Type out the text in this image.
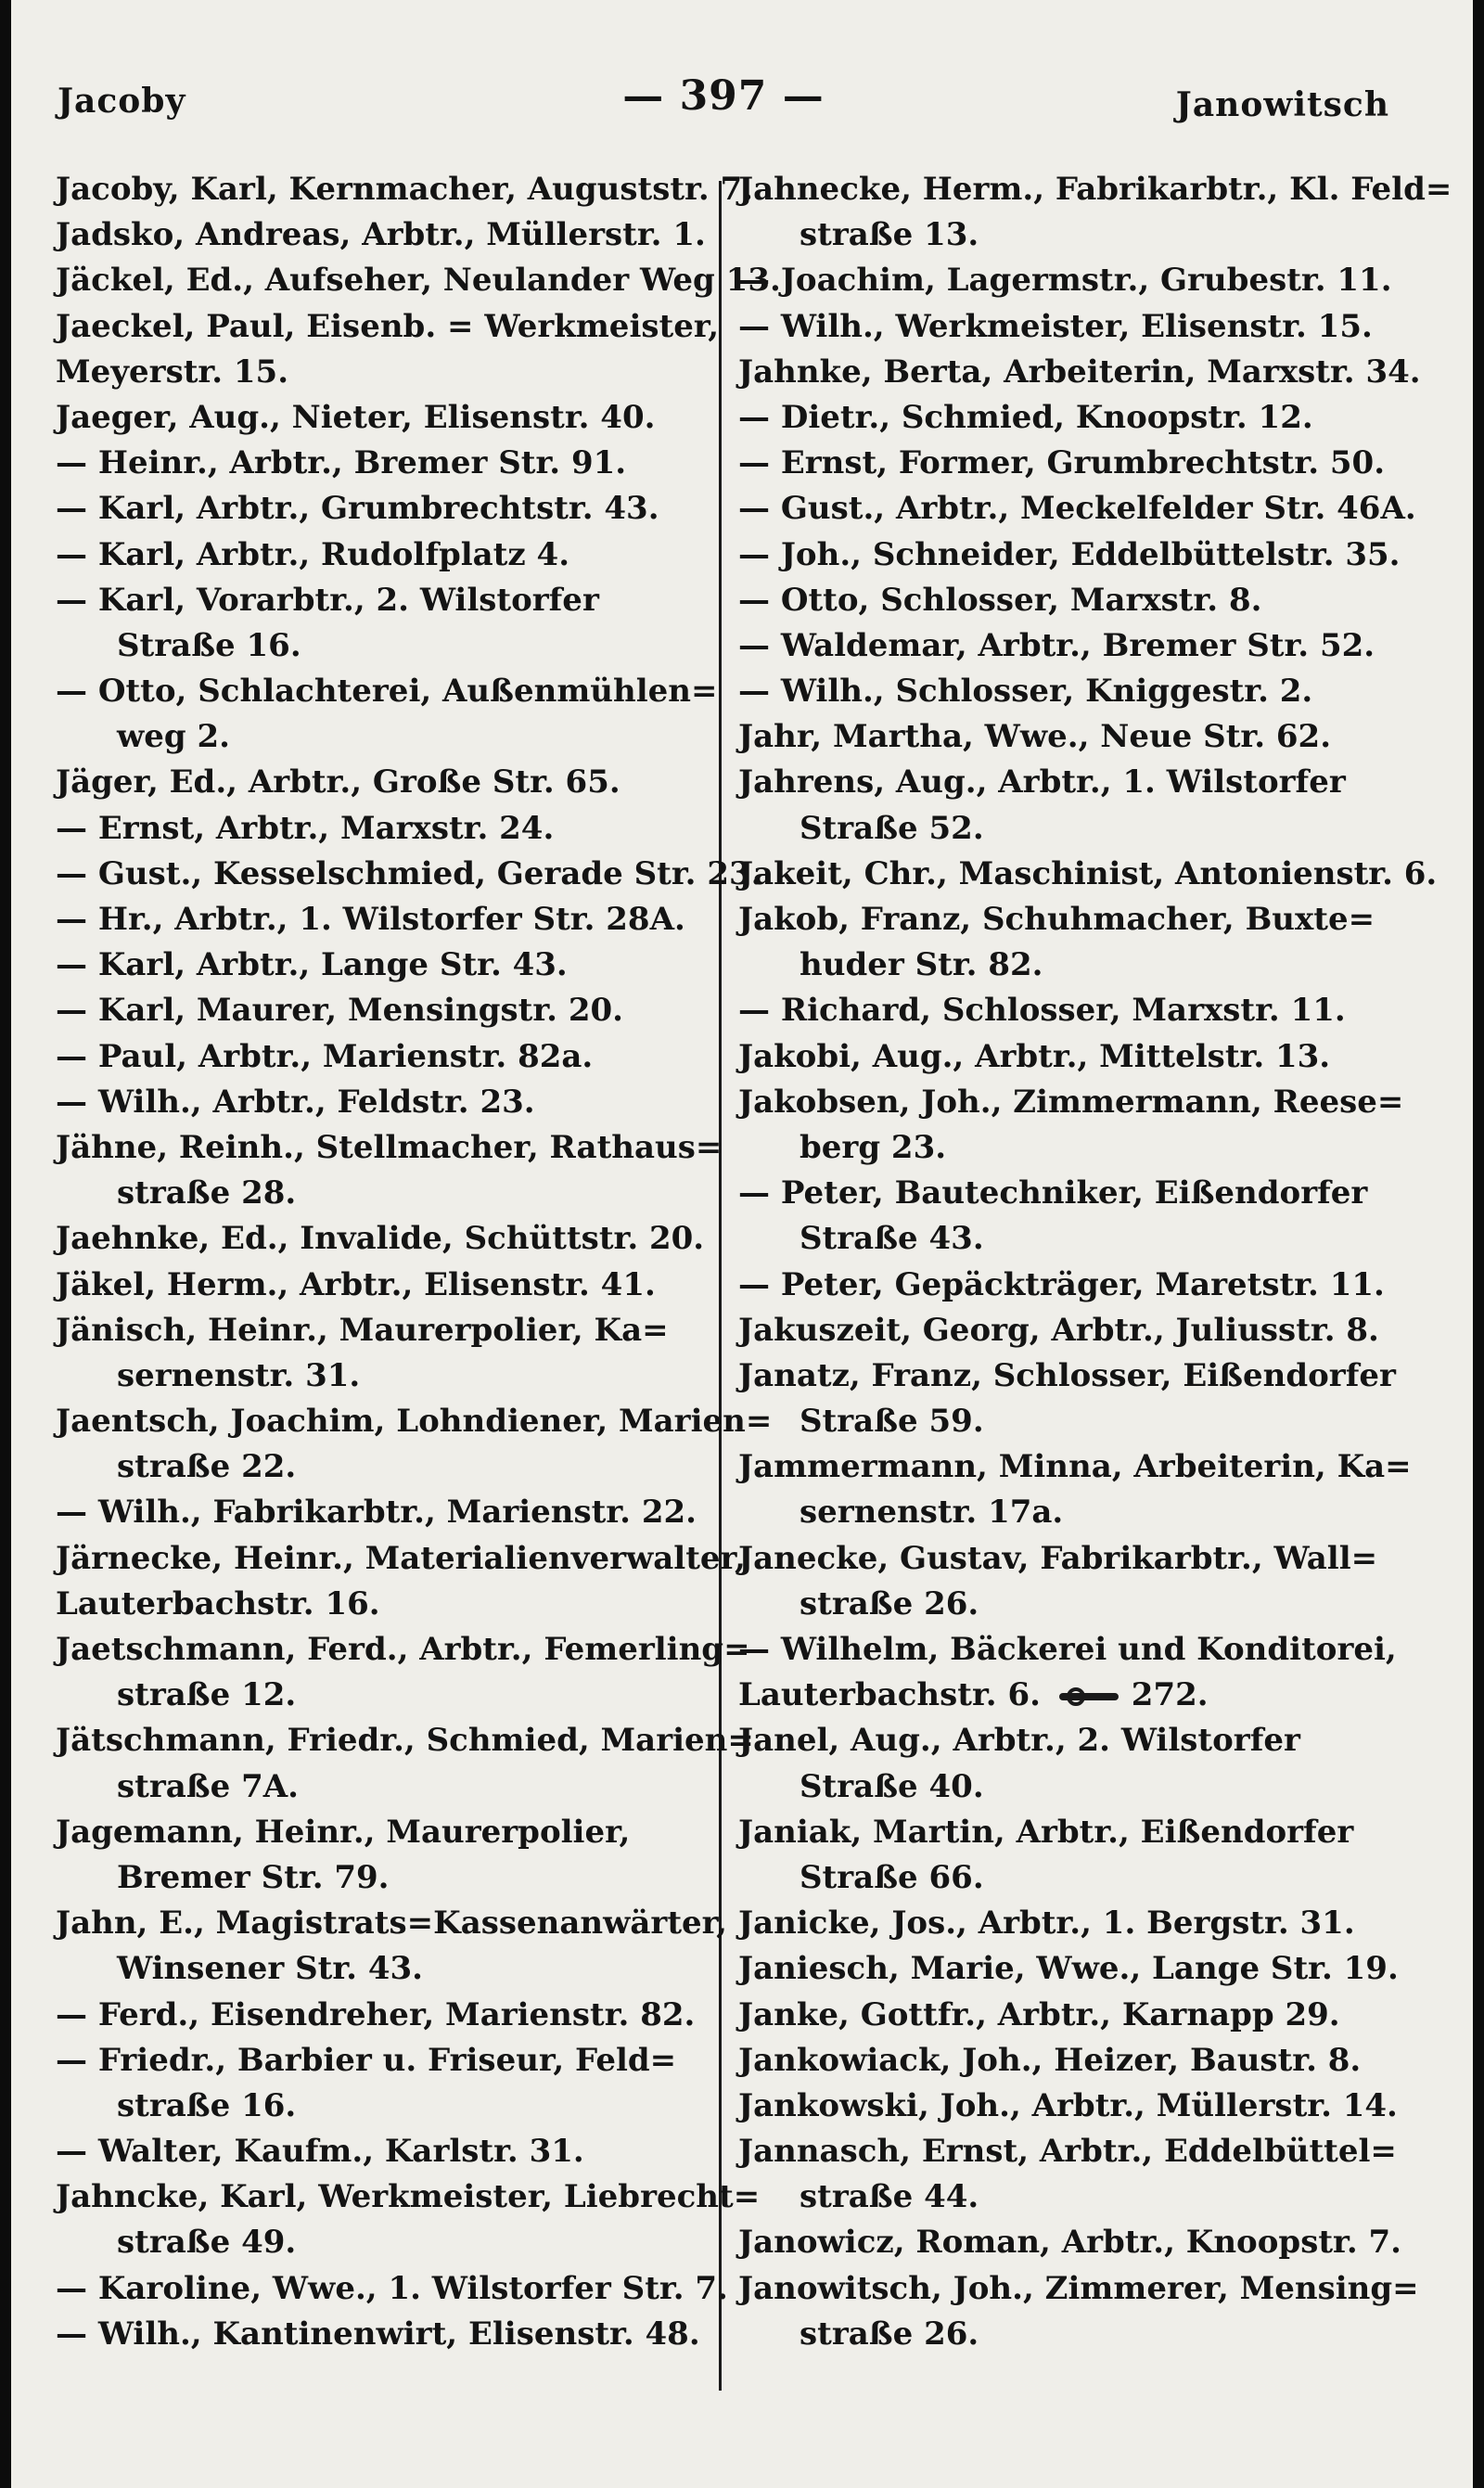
Jacoby	— 397 —	Janowitsch
Jacoby, Karl, Kernmacher, Auguststr. 7.
Jadsko, Andreas, Arbtr., Müllerstr. 1.
Jäckel, Ed., Aufseher, Neulander Weg 13.
Jaeckel, Paul, Eisenb. = Werkmeister,
Meyerstr. 15.
Jaeger, Aug., Nieter, Elisenstr. 40.
— Heinr., Arbtr., Bremer Str. 91.
— Karl, Arbtr., Grumbrechtstr. 43.
— Karl, Arbtr., Rudolfplatz 4.
— Karl, Vorarbtr., 2. Wilstorfer
Straße 16.
— Otto, Schlachterei, Außenmühlen=
weg 2.
Jäger, Ed., Arbtr., Große Str. 65.
— Ernst, Arbtr., Marxstr. 24.
— Gust., Kesselschmied, Gerade Str. 23.
— Hr., Arbtr., 1. Wilstorfer Str. 28A.
— Karl, Arbtr., Lange Str. 43.
— Karl, Maurer, Mensingstr. 20.
— Paul, Arbtr., Marienstr. 82a.
— Wilh., Arbtr., Feldstr. 23.
Jähne, Reinh., Stellmacher, Rathaus=
straße 28.
Jaehnke, Ed., Invalide, Schüttstr. 20.
Jäkel, Herm., Arbtr., Elisenstr. 41.
Jänisch, Heinr., Maurerpolier, Ka=
sernenstr. 31.
Jaentsch, Joachim, Lohndiener, Marien=
straße 22.
— Wilh., Fabrikarbtr., Marienstr. 22.
Järnecke, Heinr., Materialienverwalter,
Lauterbachstr. 16.
Jaetschmann, Ferd., Arbtr., Femerling=
straße 12.
Jätschmann, Friedr., Schmied, Marien=
straße 7A.
Jagemann, Heinr., Maurerpolier,
Bremer Str. 79.
Jahn, E., Magistrats=Kassenanwärter,
Winsener Str. 43.
— Ferd., Eisendreher, Marienstr. 82.
— Friedr., Barbier u. Friseur, Feld=
straße 16.
— Walter, Kaufm., Karlstr. 31.
Jahncke, Karl, Werkmeister, Liebrecht=
straße 49.
— Karoline, Wwe., 1. Wilstorfer Str. 7.
— Wilh., Kantinenwirt, Elisenstr. 48.
Jahnecke, Herm., Fabrikarbtr., Kl. Feld=
straße 13.
— Joachim, Lagermstr., Grubestr. 11.
— Wilh., Werkmeister, Elisenstr. 15.
Jahnke, Berta, Arbeiterin, Marxstr. 34.
— Dietr., Schmied, Knoopstr. 12.
— Ernst, Former, Grumbrechtstr. 50.
— Gust., Arbtr., Meckelfelder Str. 46A.
— Joh., Schneider, Eddelbüttelstr. 35.
— Otto, Schlosser, Marxstr. 8.
— Waldemar, Arbtr., Bremer Str. 52.
— Wilh., Schlosser, Kniggestr. 2.
Jahr, Martha, Wwe., Neue Str. 62.
Jahrens, Aug., Arbtr., 1. Wilstorfer
Straße 52.
Jakeit, Chr., Maschinist, Antonienstr. 6.
Jakob, Franz, Schuhmacher, Buxte=
huder Str. 82.
— Richard, Schlosser, Marxstr. 11.
Jakobi, Aug., Arbtr., Mittelstr. 13.
Jakobsen, Joh., Zimmermann, Reese=
berg 23.
— Peter, Bautechniker, Eißendorfer
Straße 43.
— Peter, Gepäckträger, Maretstr. 11.
Jakuszeit, Georg, Arbtr., Juliusstr. 8.
Janatz, Franz, Schlosser, Eißendorfer
Straße 59.
Jammermann, Minna, Arbeiterin, Ka=
sernenstr. 17a.
Janecke, Gustav, Fabrikarbtr., Wall=
straße 26.
— Wilhelm, Bäckerei und Konditorei,
Lauterbachstr. 6.	272.
Janel, Aug., Arbtr., 2. Wilstorfer
Straße 40.
Janiak, Martin, Arbtr., Eißendorfer
Straße 66.
Janicke, Jos., Arbtr., 1. Bergstr. 31.
Janiesch, Marie, Wwe., Lange Str. 19.
Janke, Gottfr., Arbtr., Karnapp 29.
Jankowiack, Joh., Heizer, Baustr. 8.
Jankowski, Joh., Arbtr., Müllerstr. 14.
Jannasch, Ernst, Arbtr., Eddelbüttel=
straße 44.
Janowicz, Roman, Arbtr., Knoopstr. 7.
Janowitsch, Joh., Zimmerer, Mensing=
straße 26.
